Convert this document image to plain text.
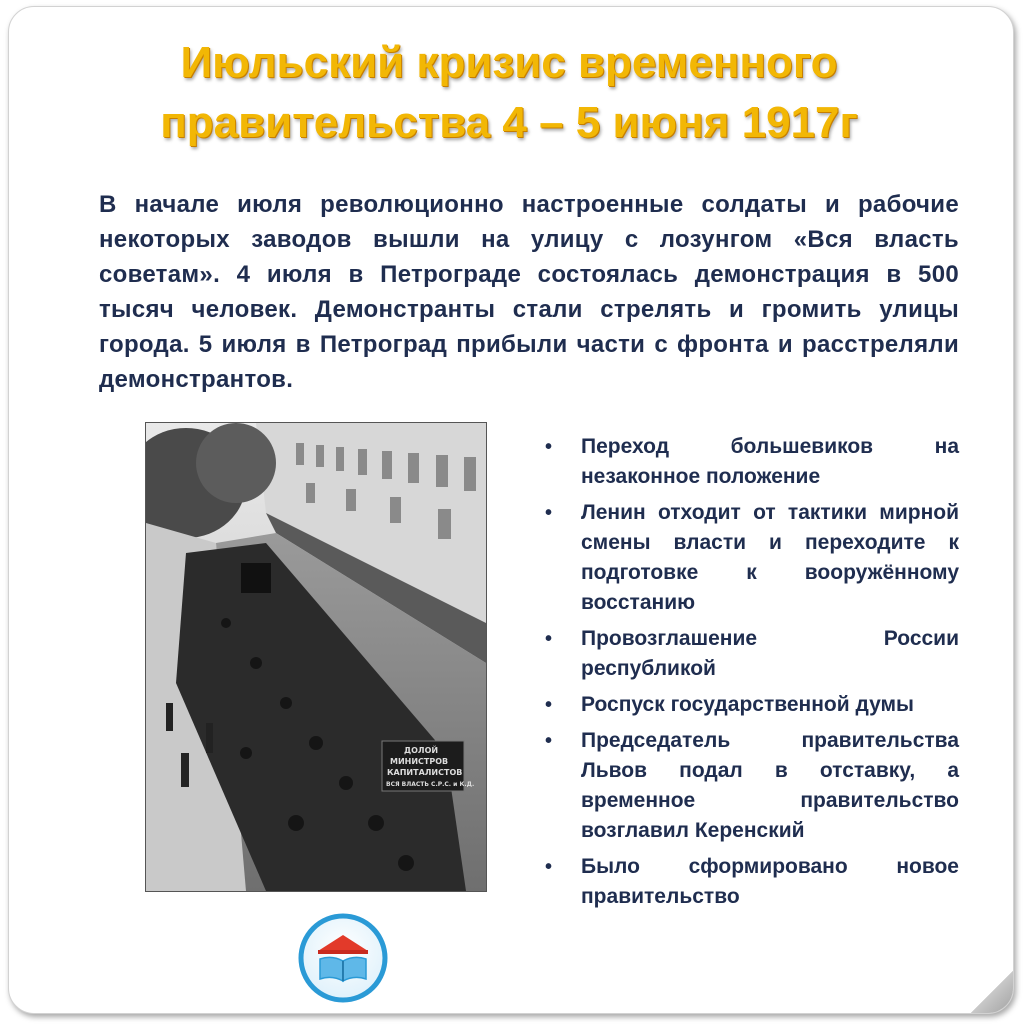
Июльский кризис временного
правительства 4 – 5 июня 1917г
В начале июля революционно настроенные солдаты и рабочие некоторых заводов вышли на улицу с лозунгом «Вся власть советам». 4 июля в Петрограде состоялась демонстрация в 500 тысяч человек. Демонстранты стали стрелять и громить улицы города. 5 июля в Петроград прибыли части с фронта и расстреляли демонстрантов.
ДОЛОЙ
МИНИСТРОВ
КАПИТАЛИСТОВ
ВСЯ ВЛАСТЬ С.Р.С. и К.Д.
• Переход большевиков на незаконное положение
• Ленин отходит от тактики мирной смены власти и переходите к подготовке к вооружённому восстанию
• Провозглашение России республикой
• Роспуск государственной думы
• Председатель правительства Львов подал в отставку, а временное правительство возглавил Керенский
• Было сформировано новое правительство
